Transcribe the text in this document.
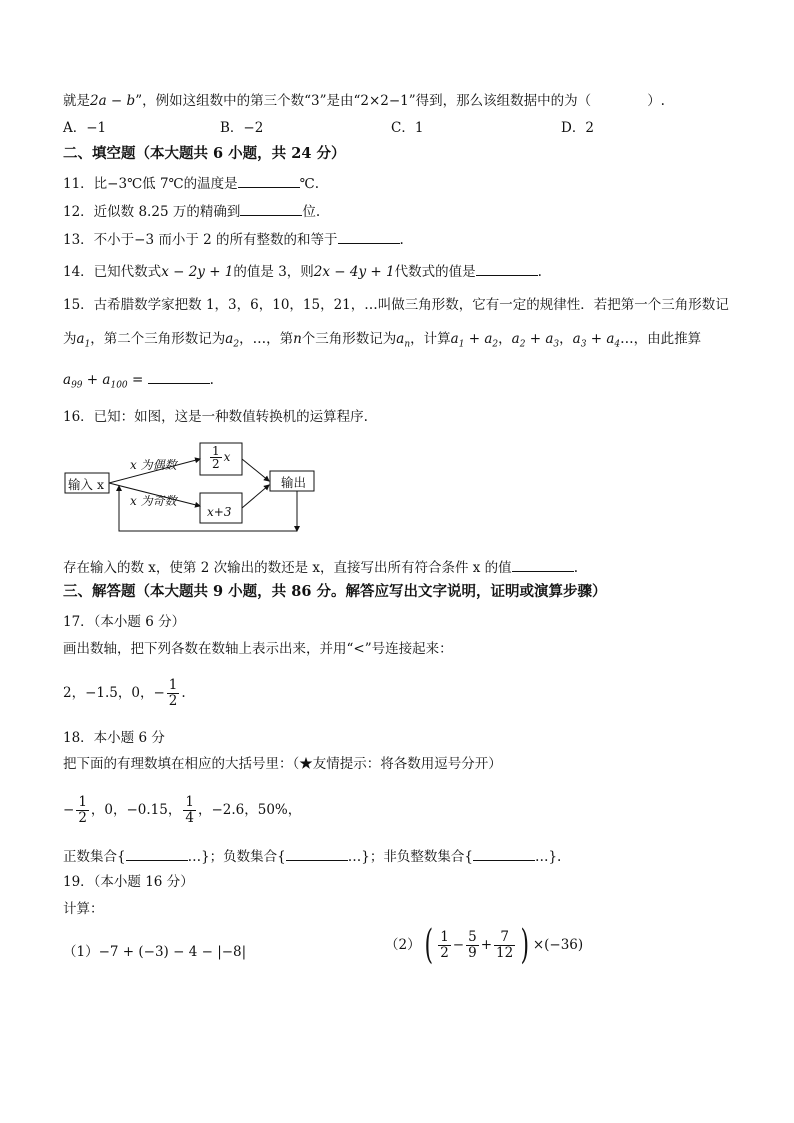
就是2a − b”，例如这组数中的第三个数“3”是由“2×2−1”得到，那么该组数据中的为（	）.
A．−1	B．−2	C．1	D．2
二、填空题（本大题共 6 小题，共 24 分）
11．比−3℃低 7℃的温度是	℃.
12．近似数 8.25 万的精确到	位.
13．不小于−3 而小于 2 的所有整数的和等于	.
14．已知代数式x − 2y + 1的值是 3，则2x − 4y + 1代数式的值是	.
15．古希腊数学家把数 1，3，6，10，15，21，…叫做三角形数，它有一定的规律性．若把第一个三角形数记
为$a_1$，第二个三角形数记为$a_2$，…，第n个三角形数记为$a_n$，计算$a_1 + a_2$，$a_2 + a_3$，$a_3$ + $a_4\dots$，由此推算
$a_{99} + a_{100}$ =	.
16．已知：如图，这是一种数值转换机的运算程序.
输入 x
x 为偶数
x 为奇数
$\frac{1}{2}$ x
x+3
输出
存在输入的数 x，使第 2 次输出的数还是 x，直接写出所有符合条件 x 的值	.
三、解答题（本大题共 9 小题，共 86 分。解答应写出文字说明，证明或演算步骤）
17．（本小题 6 分）
画出数轴，把下列各数在数轴上表示出来，并用“<”号连接起来：
2，−1.5，0，− $\frac{1}{2}$ .
18．本小题 6 分
把下面的有理数填在相应的大括号里：（★友情提示：将各数用逗号分开）
− $\frac{1}{2}$ ，0，−0.15， $\frac{1}{4}$ ，−2.6，50%，
正数集合{	…}；负数集合{	…}；非负整数集合{	…}.
19．（本小题 16 分）
计算：
（1）−7 + (−3) − 4 − |−8|	$(2)( \frac{1}{2} - \frac{5}{9} + \frac{7}{12}$ ) ×(−36)
